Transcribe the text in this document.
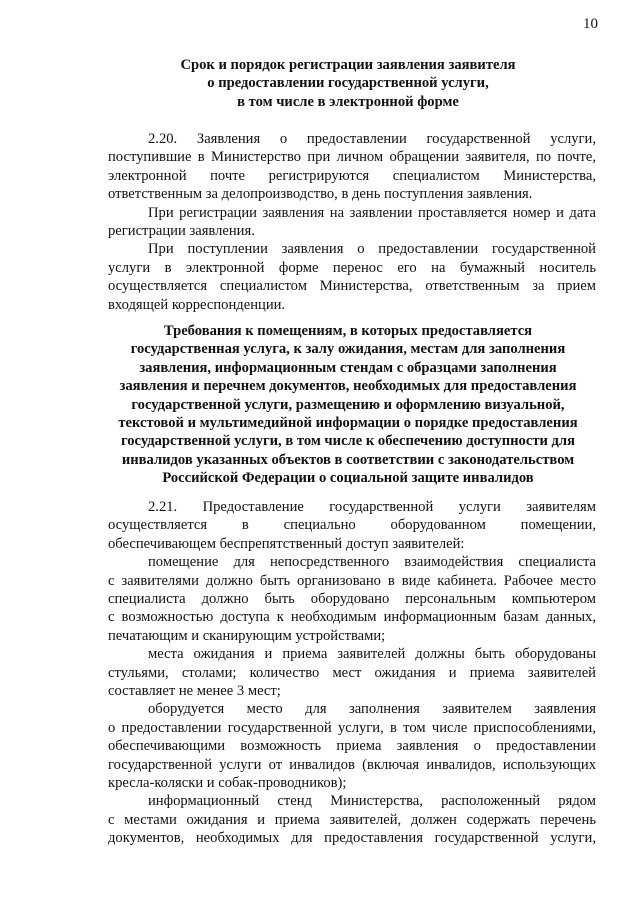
10
Срок и порядок регистрации заявления заявителя
о предоставлении государственной услуги,
в том числе в электронной форме

2.20. Заявления о предоставлении государственной услуги,
поступившие в Министерство при личном обращении заявителя, по почте,
электронной почте регистрируются специалистом Министерства,
ответственным за делопроизводство, в день поступления заявления.

При регистрации заявления на заявлении проставляется номер и дата
регистрации заявления.

При поступлении заявления о предоставлении государственной
услуги в электронной форме перенос его на бумажный носитель
осуществляется специалистом Министерства, ответственным за прием
входящей корреспонденции.

Требования к помещениям, в которых предоставляется
государственная услуга, к залу ожидания, местам для заполнения
заявления, информационным стендам с образцами заполнения
заявления и перечнем документов, необходимых для предоставления
государственной услуги, размещению и оформлению визуальной,
текстовой и мультимедийной информации о порядке предоставления
государственной услуги, в том числе к обеспечению доступности для
инвалидов указанных объектов в соответствии с законодательством
Российской Федерации о социальной защите инвалидов

2.21. Предоставление государственной услуги заявителям
осуществляется в специально оборудованном помещении,
обеспечивающем беспрепятственный доступ заявителей:

помещение для непосредственного взаимодействия специалиста
с заявителями должно быть организовано в виде кабинета. Рабочее место
специалиста должно быть оборудовано персональным компьютером
с возможностью доступа к необходимым информационным базам данных,
печатающим и сканирующим устройствами;

места ожидания и приема заявителей должны быть оборудованы
стульями, столами; количество мест ожидания и приема заявителей
составляет не менее 3 мест;

оборудуется место для заполнения заявителем заявления
о предоставлении государственной услуги, в том числе приспособлениями,
обеспечивающими возможность приема заявления о предоставлении
государственной услуги от инвалидов (включая инвалидов, использующих
кресла-коляски и собак-проводников);

информационный стенд Министерства, расположенный рядом
с местами ожидания и приема заявителей, должен содержать перечень
документов, необходимых для предоставления государственной услуги,
